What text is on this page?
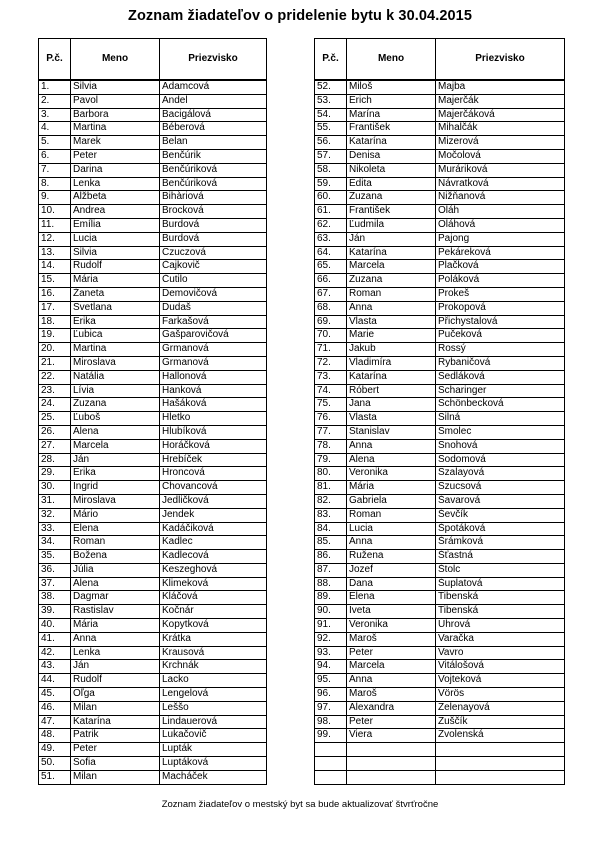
Zoznam žiadateľov o pridelenie bytu k 30.04.2015
P.č.	Meno	Priezvisko
1.	Silvia	Adamcová
2.	Pavol	Andel
3.	Barbora	Bacigálová
4.	Martina	Béberová
5.	Marek	Belan
6.	Peter	Benčúrik
7.	Darina	Benčúriková
8.	Lenka	Benčúriková
9.	Alžbeta	Bihàriová
10.	Andrea	Brocková
11.	Emília	Burdová
12.	Lucia	Burdová
13.	Silvia	Czuczová
14.	Rudolf	Čajkovič
15.	Mária	Čutilo
16.	Žaneta	Demovičová
17.	Svetlana	Dudaš
18.	Erika	Farkašová
19.	Ľubica	Gašparovičová
20.	Martina	Grmanová
21.	Miroslava	Grmanová
22.	Natália	Hallonová
23.	Lívia	Hanková
24.	Zuzana	Hašáková
25.	Ľuboš	Hletko
26.	Alena	Hlubíková
27.	Marcela	Horáčková
28.	Ján	Hrebíček
29.	Erika	Hroncová
30.	Ingrid	Chovancová
31.	Miroslava	Jedličková
32.	Mário	Jendek
33.	Elena	Kadáčiková
34.	Roman	Kadlec
35.	Božena	Kadlecová
36.	Júlia	Keszeghová
37.	Alena	Klimeková
38.	Dagmar	Kláčová
39.	Rastislav	Kočnár
40.	Mária	Kopytková
41.	Anna	Krátka
42.	Lenka	Krausová
43.	Ján	Krchnák
44.	Rudolf	Lacko
45.	Oľga	Lengelová
46.	Milan	Leššo
47.	Katarína	Lindauerová
48.	Patrik	Lukačovič
49.	Peter	Lupták
50.	Sofia	Luptáková
51.	Milan	Macháček
P.č.	Meno	Priezvisko
52.	Miloš	Majba
53.	Erich	Majerčák
54.	Marína	Majerčáková
55.	František	Mihalčák
56.	Katarína	Mizerová
57.	Denisa	Močolová
58.	Nikoleta	Muráriková
59.	Edita	Návratková
60.	Zuzana	Nižňanová
61.	František	Oláh
62.	Ľudmila	Oláhová
63.	Ján	Pajong
64.	Katarína	Pekáreková
65.	Marcela	Plačková
66.	Zuzana	Poláková
67.	Roman	Prokeš
68.	Anna	Prokopová
69.	Vlasta	Přichystalová
70.	Marie	Pučeková
71.	Jakub	Rossý
72.	Vladimíra	Rybaničová
73.	Katarína	Sedláková
74.	Róbert	Scharinger
75.	Jana	Schönbecková
76.	Vlasta	Silná
77.	Stanislav	Smolec
78.	Anna	Snohová
79.	Alena	Sodomová
80.	Veronika	Szalayová
81.	Mária	Szucsová
82.	Gabriela	Šavarová
83.	Roman	Ševčík
84.	Lucia	Špotáková
85.	Anna	Šrámková
86.	Ružena	Šťastná
87.	Jozef	Štolc
88.	Dana	Šuplatová
89.	Elena	Tibenská
90.	Iveta	Tibenská
91.	Veronika	Uhrová
92.	Maroš	Varačka
93.	Peter	Vavro
94.	Marcela	Vitálošová
95.	Anna	Vojteková
96.	Maroš	Vörös
97.	Alexandra	Zelenayová
98.	Peter	Zuščík
99.	Viera	Zvolenská

Zoznam žiadateľov o mestský byt sa bude aktualizovať štvrťročne
